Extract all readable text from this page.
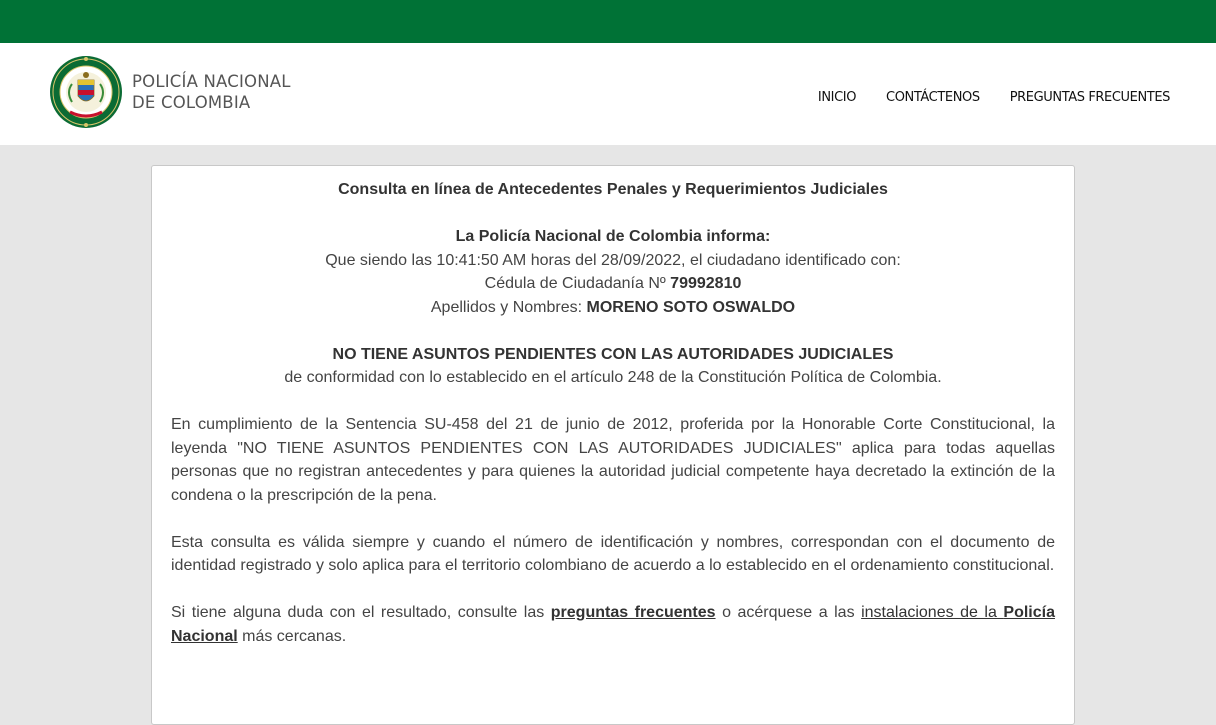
POLICÍA NACIONAL
DE COLOMBIA	INICIO CONTÁCTENOS PREGUNTAS FRECUENTES
Consulta en línea de Antecedentes Penales y Requerimientos Judiciales
La Policía Nacional de Colombia informa:
Que siendo las 10:41:50 AM horas del 28/09/2022, el ciudadano identificado con:
Cédula de Ciudadanía Nº 79992810
Apellidos y Nombres: MORENO SOTO OSWALDO
NO TIENE ASUNTOS PENDIENTES CON LAS AUTORIDADES JUDICIALES
de conformidad con lo establecido en el artículo 248 de la Constitución Política de Colombia.
En cumplimiento de la Sentencia SU-458 del 21 de junio de 2012, proferida por la Honorable Corte Constitucional, la leyenda "NO TIENE ASUNTOS PENDIENTES CON LAS AUTORIDADES JUDICIALES" aplica para todas aquellas personas que no registran antecedentes y para quienes la autoridad judicial competente haya decretado la extinción de la condena o la prescripción de la pena.
Esta consulta es válida siempre y cuando el número de identificación y nombres, correspondan con el documento de identidad registrado y solo aplica para el territorio colombiano de acuerdo a lo establecido en el ordenamiento constitucional.
Si tiene alguna duda con el resultado, consulte las preguntas frecuentes o acérquese a las instalaciones de la Policía Nacional más cercanas.
